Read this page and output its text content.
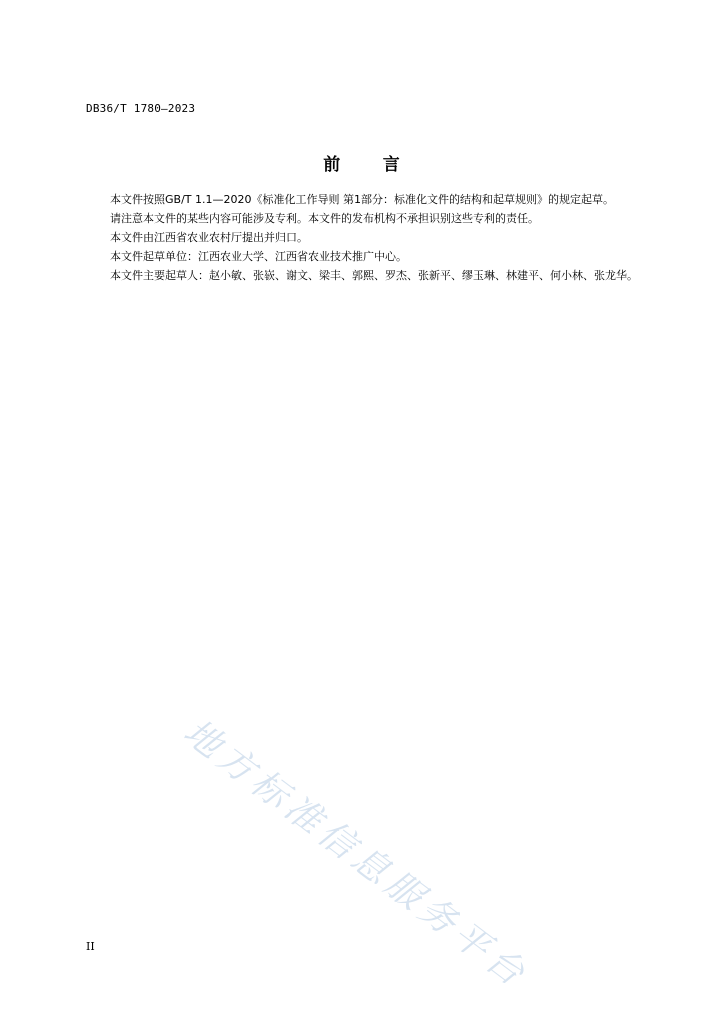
DB36/T 1780—2023
前      言

本文件按照GB/T 1.1—2020《标准化工作导则 第1部分：标准化文件的结构和起草规则》的规定起草。

请注意本文件的某些内容可能涉及专利。本文件的发布机构不承担识别这些专利的责任。

本文件由江西省农业农村厅提出并归口。

本文件起草单位：江西农业大学、江西省农业技术推广中心。

本文件主要起草人：赵小敏、张嵚、谢文、梁丰、郭熙、罗杰、张新平、缪玉琳、林建平、何小林、张龙华。

地方标准信息服务平台
II
